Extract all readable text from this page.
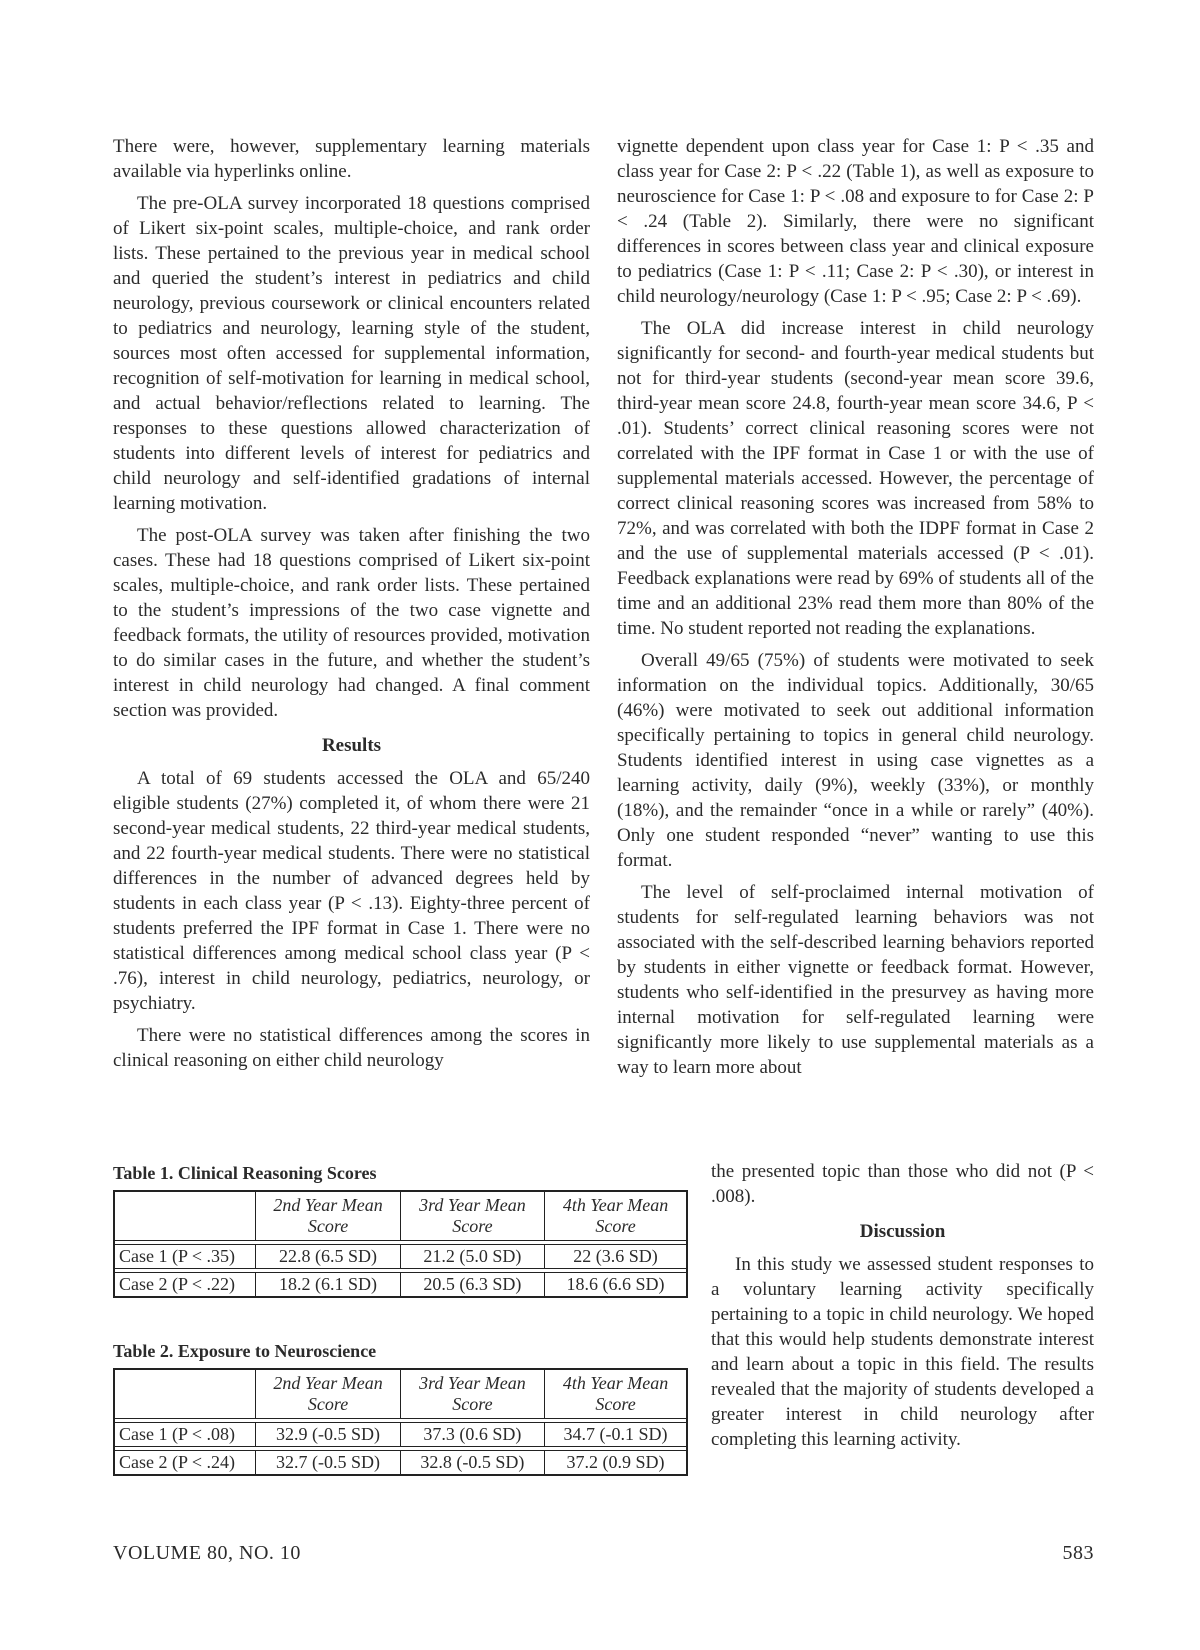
There were, however, supplementary learning materials available via hyperlinks online.

The pre-OLA survey incorporated 18 questions comprised of Likert six-point scales, multiple-choice, and rank order lists. These pertained to the previous year in medical school and queried the student’s interest in pediatrics and child neurology, previous coursework or clinical encounters related to pediatrics and neurology, learning style of the student, sources most often accessed for supplemental information, recognition of self-motivation for learning in medical school, and actual behavior/reflections related to learning. The responses to these questions allowed characterization of students into different levels of interest for pediatrics and child neurology and self-identified gradations of internal learning motivation.

The post-OLA survey was taken after finishing the two cases. These had 18 questions comprised of Likert six-point scales, multiple-choice, and rank order lists. These pertained to the student’s impressions of the two case vignette and feedback formats, the utility of resources provided, motivation to do similar cases in the future, and whether the student’s interest in child neurology had changed. A final comment section was provided.

Results

A total of 69 students accessed the OLA and 65/240 eligible students (27%) completed it, of whom there were 21 second-year medical students, 22 third-year medical students, and 22 fourth-year medical students. There were no statistical differences in the number of advanced degrees held by students in each class year (P < .13). Eighty-three percent of students preferred the IPF format in Case 1. There were no statistical differences among medical school class year (P < .76), interest in child neurology, pediatrics, neurology, or psychiatry.

There were no statistical differences among the scores in clinical reasoning on either child neurology

vignette dependent upon class year for Case 1: P < .35 and class year for Case 2: P < .22 (Table 1), as well as exposure to neuroscience for Case 1: P < .08 and exposure to for Case 2: P < .24 (Table 2). Similarly, there were no significant differences in scores between class year and clinical exposure to pediatrics (Case 1: P < .11; Case 2: P < .30), or interest in child neurology/neurology (Case 1: P < .95; Case 2: P < .69).

The OLA did increase interest in child neurology significantly for second- and fourth-year medical students but not for third-year students (second-year mean score 39.6, third-year mean score 24.8, fourth-year mean score 34.6, P < .01). Students’ correct clinical reasoning scores were not correlated with the IPF format in Case 1 or with the use of supplemental materials accessed. However, the percentage of correct clinical reasoning scores was increased from 58% to 72%, and was correlated with both the IDPF format in Case 2 and the use of supplemental materials accessed (P < .01). Feedback explanations were read by 69% of students all of the time and an additional 23% read them more than 80% of the time. No student reported not reading the explanations.

Overall 49/65 (75%) of students were motivated to seek information on the individual topics. Additionally, 30/65 (46%) were motivated to seek out additional information specifically pertaining to topics in general child neurology. Students identified interest in using case vignettes as a learning activity, daily (9%), weekly (33%), or monthly (18%), and the remainder “once in a while or rarely” (40%). Only one student responded “never” wanting to use this format.

The level of self-proclaimed internal motivation of students for self-regulated learning behaviors was not associated with the self-described learning behaviors reported by students in either vignette or feedback format. However, students who self-identified in the presurvey as having more internal motivation for self-regulated learning were significantly more likely to use supplemental materials as a way to learn more about

the presented topic than those who did not (P < .008).

Discussion

In this study we assessed student responses to a voluntary learning activity specifically pertaining to a topic in child neurology. We hoped that this would help students demonstrate interest and learn about a topic in this field. The results revealed that the majority of students developed a greater interest in child neurology after completing this learning activity.

Table 1. Clinical Reasoning Scores
	2nd Year Mean Score	3rd Year Mean Score	4th Year Mean Score

Case 1 (P < .35)	22.8 (6.5 SD)	21.2 (5.0 SD)	22 (3.6 SD)

Case 2 (P < .22)	18.2 (6.1 SD)	20.5 (6.3 SD)	18.6 (6.6 SD)
Table 2. Exposure to Neuroscience
	2nd Year Mean Score	3rd Year Mean Score	4th Year Mean Score

Case 1 (P < .08)	32.9 (-0.5 SD)	37.3 (0.6 SD)	34.7 (-0.1 SD)

Case 2 (P < .24)	32.7 (-0.5 SD)	32.8 (-0.5 SD)	37.2 (0.9 SD)
VOLUME 80, NO. 10	583
